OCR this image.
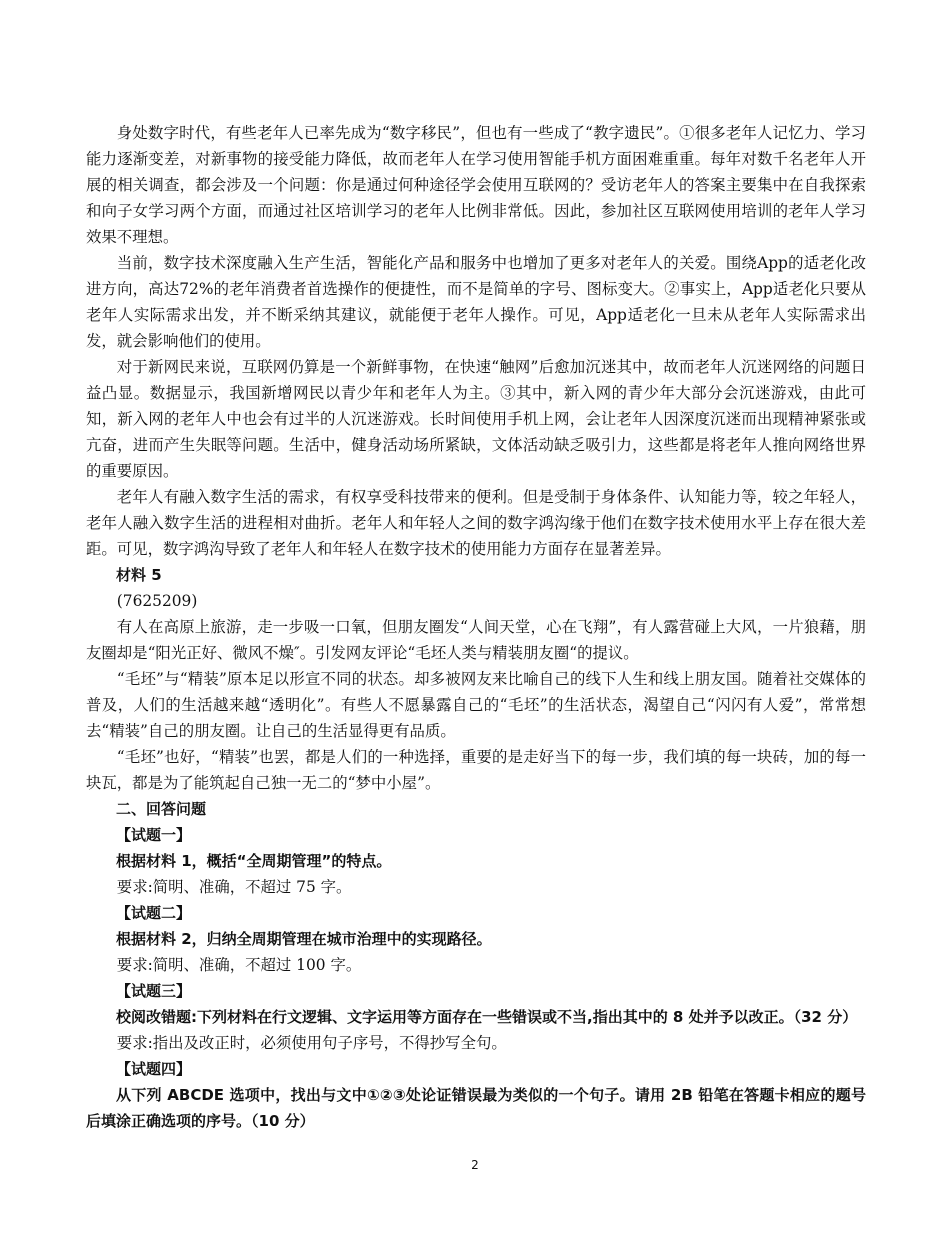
身处数字时代，有些老年人已率先成为“数字移民”，但也有一些成了“教字遗民”。①很多老年人记忆力、学习能力逐渐变差，对新事物的接受能力降低，故而老年人在学习使用智能手机方面困难重重。每年对数千名老年人开展的相关调查，都会涉及一个问题：你是通过何种途径学会使用互联网的？受访老年人的答案主要集中在自我探索和向子女学习两个方面，而通过社区培训学习的老年人比例非常低。因此，参加社区互联网使用培训的老年人学习效果不理想。

当前，数字技术深度融入生产生活，智能化产品和服务中也增加了更多对老年人的关爱。围绕App的适老化改进方向，高达72%的老年消费者首选操作的便捷性，而不是简单的字号、图标变大。②事实上，App适老化只要从老年人实际需求出发，并不断采纳其建议，就能便于老年人操作。可见，App适老化一旦未从老年人实际需求出发，就会影响他们的使用。

对于新网民来说，互联网仍算是一个新鲜事物，在快速“触网”后愈加沉迷其中，故而老年人沉迷网络的问题日益凸显。数据显示，我国新增网民以青少年和老年人为主。③其中，新入网的青少年大部分会沉迷游戏，由此可知，新入网的老年人中也会有过半的人沉迷游戏。长时间使用手机上网，会让老年人因深度沉迷而出现精神紧张或亢奋，进而产生失眠等问题。生活中，健身活动场所紧缺，文体活动缺乏吸引力，这些都是将老年人推向网络世界的重要原因。

老年人有融入数字生活的需求，有权享受科技带来的便利。但是受制于身体条件、认知能力等，较之年轻人，老年人融入数字生活的进程相对曲折。老年人和年轻人之间的数字鸿沟缘于他们在数字技术使用水平上存在很大差距。可见，数字鸿沟导致了老年人和年轻人在数字技术的使用能力方面存在显著差异。

材料 5

(7625209)

有人在高原上旅游，走一步吸一口氧，但朋友圈发“人间天堂，心在飞翔”，有人露营碰上大风，一片狼藉，朋友圈却是“阳光正好、微风不燥″。引发网友评论“毛坯人类与精装朋友圈“的提议。

“毛坯”与“精装”原本足以形宣不同的状态。却多被网友来比喻自己的线下人生和线上朋友国。随着社交媒体的普及，人们的生活越来越“透明化”。有些人不愿暴露自己的“毛坯”的生活状态，渴望自己“闪闪有人爱”，常常想去“精装”自己的朋友圈。让自己的生活显得更有品质。

“毛坯”也好，“精装”也罢，都是人们的一种选择，重要的是走好当下的每一步，我们填的每一块砖，加的每一块瓦，都是为了能筑起自己独一无二的“梦中小屋”。

二、回答问题

【试题一】

根据材料 1，概括“全周期管理”的特点。

要求:简明、准确，不超过 75 字。

【试题二】

根据材料 2，归纳全周期管理在城市治理中的实现路径。

要求:简明、准确，不超过 100 字。

【试题三】

校阅改错题:下列材料在行文逻辑、文字运用等方面存在一些错误或不当,指出其中的 8 处并予以改正。（32 分）

要求:指出及改正时，必须使用句子序号，不得抄写全句。

【试题四】

从下列 ABCDE 选项中，找出与文中①②③处论证错误最为类似的一个句子。请用 2B 铅笔在答题卡相应的题号后填涂正确选项的序号。（10 分）

2
